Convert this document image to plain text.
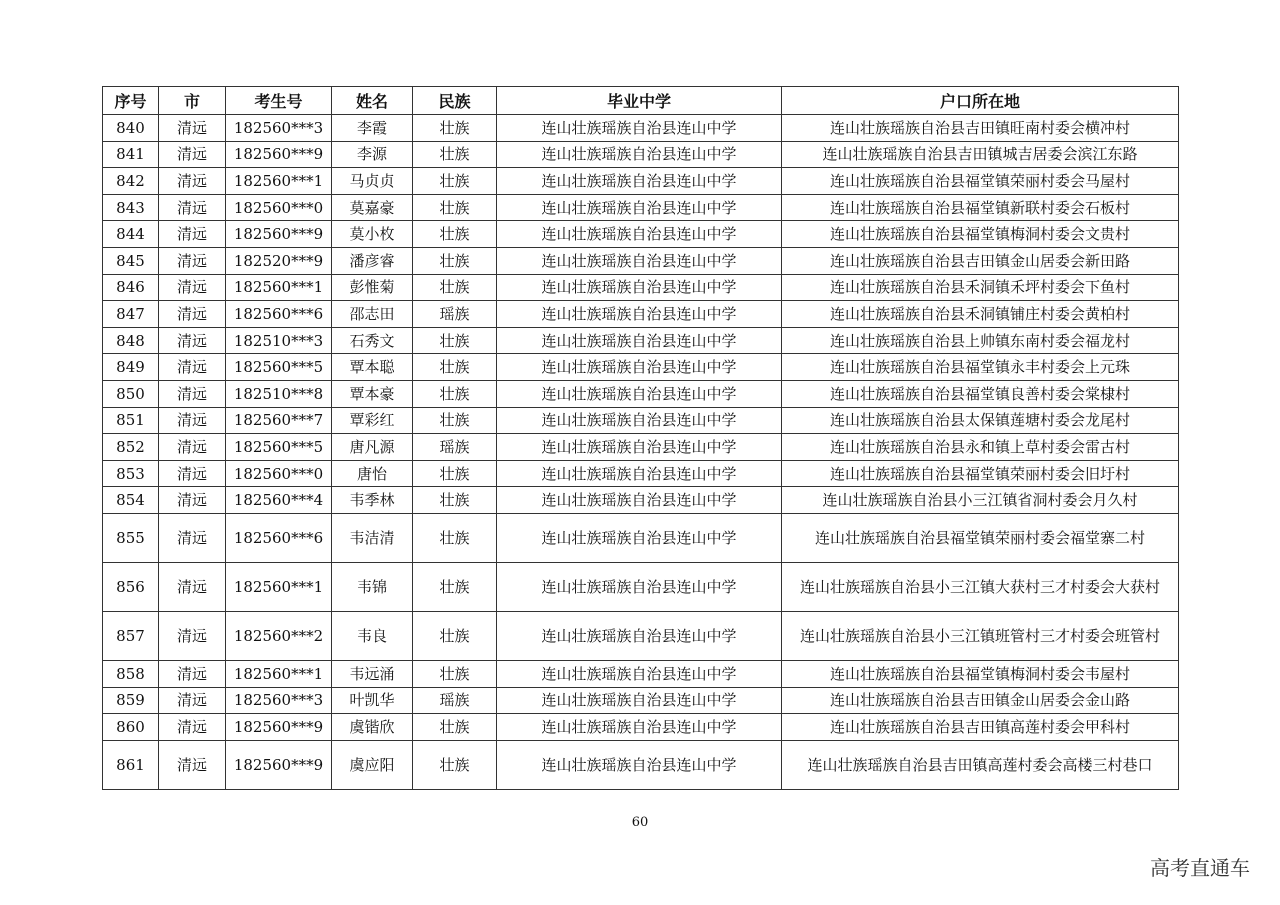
序号	市	考生号	姓名	民族	毕业中学	户口所在地
840	清远	182560***3	李霞	壮族	连山壮族瑶族自治县连山中学	连山壮族瑶族自治县吉田镇旺南村委会横冲村
841	清远	182560***9	李源	壮族	连山壮族瑶族自治县连山中学	连山壮族瑶族自治县吉田镇城吉居委会滨江东路
842	清远	182560***1	马贞贞	壮族	连山壮族瑶族自治县连山中学	连山壮族瑶族自治县福堂镇荣丽村委会马屋村
843	清远	182560***0	莫嘉豪	壮族	连山壮族瑶族自治县连山中学	连山壮族瑶族自治县福堂镇新联村委会石板村
844	清远	182560***9	莫小枚	壮族	连山壮族瑶族自治县连山中学	连山壮族瑶族自治县福堂镇梅洞村委会文贵村
845	清远	182520***9	潘彦睿	壮族	连山壮族瑶族自治县连山中学	连山壮族瑶族自治县吉田镇金山居委会新田路
846	清远	182560***1	彭惟菊	壮族	连山壮族瑶族自治县连山中学	连山壮族瑶族自治县禾洞镇禾坪村委会下鱼村
847	清远	182560***6	邵志田	瑶族	连山壮族瑶族自治县连山中学	连山壮族瑶族自治县禾洞镇铺庄村委会黄柏村
848	清远	182510***3	石秀文	壮族	连山壮族瑶族自治县连山中学	连山壮族瑶族自治县上帅镇东南村委会福龙村
849	清远	182560***5	覃本聪	壮族	连山壮族瑶族自治县连山中学	连山壮族瑶族自治县福堂镇永丰村委会上元珠
850	清远	182510***8	覃本豪	壮族	连山壮族瑶族自治县连山中学	连山壮族瑶族自治县福堂镇良善村委会棠棣村
851	清远	182560***7	覃彩红	壮族	连山壮族瑶族自治县连山中学	连山壮族瑶族自治县太保镇莲塘村委会龙尾村
852	清远	182560***5	唐凡源	瑶族	连山壮族瑶族自治县连山中学	连山壮族瑶族自治县永和镇上草村委会雷古村
853	清远	182560***0	唐怡	壮族	连山壮族瑶族自治县连山中学	连山壮族瑶族自治县福堂镇荣丽村委会旧圩村
854	清远	182560***4	韦季林	壮族	连山壮族瑶族自治县连山中学	连山壮族瑶族自治县小三江镇省洞村委会月久村
855	清远	182560***6	韦洁清	壮族	连山壮族瑶族自治县连山中学	连山壮族瑶族自治县福堂镇荣丽村委会福堂寨二村
856	清远	182560***1	韦锦	壮族	连山壮族瑶族自治县连山中学	连山壮族瑶族自治县小三江镇大获村三才村委会大获村
857	清远	182560***2	韦良	壮族	连山壮族瑶族自治县连山中学	连山壮族瑶族自治县小三江镇班管村三才村委会班管村
858	清远	182560***1	韦远涌	壮族	连山壮族瑶族自治县连山中学	连山壮族瑶族自治县福堂镇梅洞村委会韦屋村
859	清远	182560***3	叶凯华	瑶族	连山壮族瑶族自治县连山中学	连山壮族瑶族自治县吉田镇金山居委会金山路
860	清远	182560***9	虞锴欣	壮族	连山壮族瑶族自治县连山中学	连山壮族瑶族自治县吉田镇高莲村委会甲科村
861	清远	182560***9	虞应阳	壮族	连山壮族瑶族自治县连山中学	连山壮族瑶族自治县吉田镇高莲村委会高楼三村巷口
60
高考直通车
